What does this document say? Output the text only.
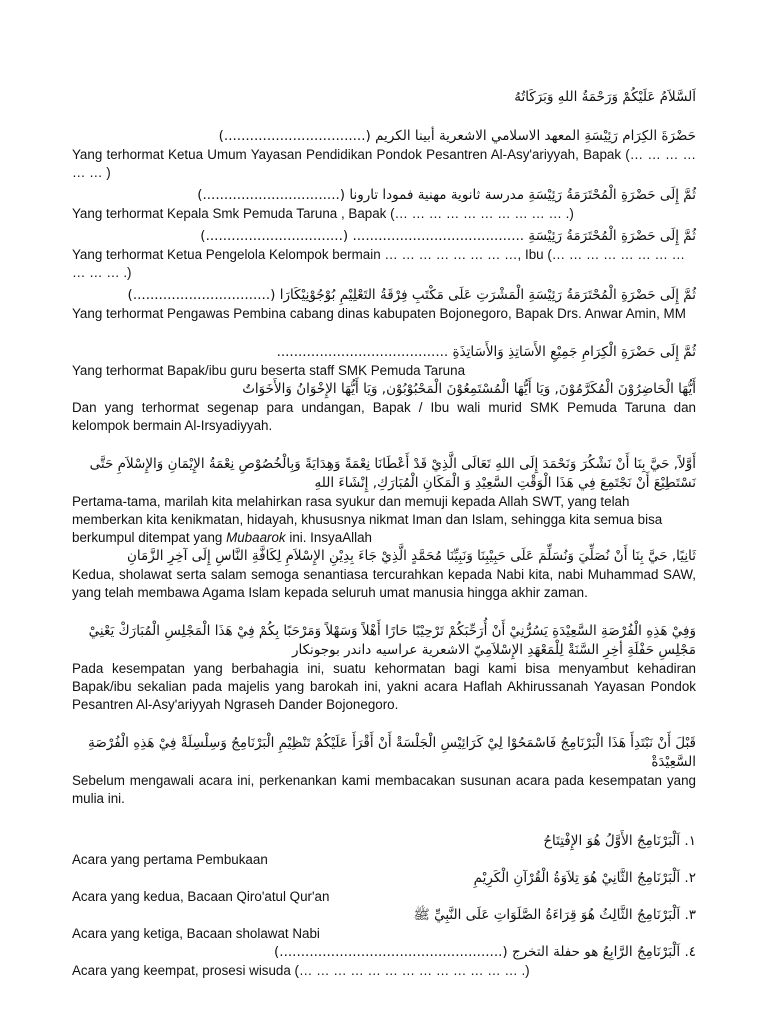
اَلسَّلاَمُ عَلَيْكُمْ وَرَحْمَةُ اللهِ وَبَرَكَاتُهُ

حَضْرَةَ الكِرَام رَئِيْسَةِ المعهد الاسلامي الاشعرية أبينا الكريم (.................................)

Yang terhormat Ketua Umum Yayasan Pendidikan Pondok Pesantren Al-Asy'ariyyah, Bapak (… … … … … … )

ثُمَّ إِلَى حَضْرَةِ الْمُحْتَرَمَةُ رَئِيْسَةِ مدرسة ثانوية مهنية فمودا تارونا (................................)

Yang terhormat Kepala Smk Pemuda Taruna , Bapak (… … … … … … … … … … .)

ثُمَّ إِلَى حَضْرَةِ الْمُحْتَرَمَةُ رَئِيْسَةِ ........................................ (................................)

Yang terhormat Ketua Pengelola Kelompok bermain … … … … … … … …, Ibu (… … … … … … … … … … … .)

ثُمَّ إِلَى حَضْرَةِ الْمُحْتَرَمَةُ رَئِيْسَةِ الْمَشْرَتِ عَلَى مَكْتَبِ فِرْقَةُ التَعْلِيْمِ بُوْجُوْنِيْكَارَا (................................)

Yang terhormat Pengawas Pembina cabang dinas kabupaten Bojonegoro, Bapak Drs. Anwar Amin, MM

ثُمَّ إِلَى حَضْرَةِ الْكِرَامِ جَمِيْعِ الأَسَاتِذِ وَالأَسَاتِذَةِ ........................................

Yang terhormat Bapak/ibu guru beserta staff SMK Pemuda Taruna

أَيُّهَا الْحَاضِرُوْنَ الْمُكَرَّمُوْنَ, وَيَا أَيُّهَا الْمُسْتَمِعُوْنَ الْمَحْبُوْبُوْن, وَيَا أَيُّهَا الإِخْوَانُ وَالأَخَوَاتُ

Dan yang terhormat segenap para undangan, Bapak / Ibu wali murid SMK Pemuda Taruna dan kelompok bermain Al-Irsyadiyyah.

أَوَّلاً, حَيَّ بِنَا أَنْ نَشْكُرَ وَنَحْمَدَ إِلَى اللهِ تَعَالَى الَّذِيْ قَدْ أَعْطَانَا نِعْمَةً وَهِدَايَةً وَبِالْخُصُوْصِ نِعْمَةُ الإِيْمَانِ وَالإِسْلاَمِ حَتَّى نَسْتَطِيْعَ أَنْ نَجْتَمِعَ فِي هَذَا الْوَقْتِ السَّعِيْدِ وَ الْمَكَانِ الْمُبَارَكِ, إِنْشَاءَ اللهِ

Pertama-tama, marilah kita melahirkan rasa syukur dan memuji kepada Allah SWT, yang telah memberkan kita kenikmatan, hidayah, khususnya nikmat Iman dan Islam, sehingga kita semua bisa berkumpul ditempat yang Mubaarok ini. InsyaAllah

ثَانِيًا, حَيَّ بِنَا أَنْ نُصَلِّيَ وَنُسَلِّمَ عَلَى حَبِيْبِنَا وَنَبِيِّنَا مُحَمَّدٍ الَّذِيْ جَاءَ بِدِيْنِ الإِسْلاَمِ لِكَافَّةِ النَّاسِ إِلَى آخِرِ الزَّمَانِ

Kedua, sholawat serta salam semoga senantiasa tercurahkan kepada Nabi kita, nabi Muhammad SAW, yang telah membawa Agama Islam kepada seluruh umat manusia hingga akhir zaman.

وَفِيْ هَذِهِ الْفُرْصَةِ السَّعِيْدَةِ يَسُرُّنِيْ أَنْ أُرَحِّبَكُمْ تَرْحِيْبًا حَارًا أَهْلاً وَسَهْلاً وَمَرْحَبًا بِكُمْ فِيْ هَذَا الْمَجْلِسِ الْمُبَارَكْ يَعْنِيْ مَجْلِسِ حَفْلَةِ أخِرِ السَّنَةْ لِلْمَعْهَدِ الإِسْلاَمِيّ الاشعرية عراسيه داندر بوجونكار

Pada kesempatan yang berbahagia ini, suatu kehormatan bagi kami bisa menyambut kehadiran Bapak/ibu sekalian pada majelis yang barokah ini, yakni acara Haflah Akhirussanah Yayasan Pondok Pesantren Al-Asy'ariyyah Ngraseh Dander Bojonegoro.

قَبْلَ أَنْ نَبْتَدِأَ هَذَا الْبَرْنَامِجُ فَاسْمَحُوْا لِيْ كَرَائِيْسِ الْجَلْسَةْ أَنْ أَقْرَأَ عَلَيْكُمْ تَنْظِيْمِ الْبَرْنَامِجُ وَسِلْسِلَةْ فِيْ هَذِهِ الْفُرْصَةِ السَّعِيْدَةْ

Sebelum mengawali acara ini, perkenankan kami membacakan susunan acara pada kesempatan yang mulia ini.

١. اَلْبَرْنَامِجُ الأَوَّلُ هُوَ الإِفْتِتَاحُ

Acara yang pertama Pembukaan

٢. اَلْبَرْنَامِجُ الثَّانِيْ هُوَ تِلاَوَةُ الْقُرْآنِ الْكَرِيْمِ

Acara yang kedua, Bacaan Qiro'atul Qur'an

٣. اَلْبَرْنَامِجُ الثَّالِثُ هُوَ قِرَاءَةُ الصَّلَوَاتِ عَلَى النَّبِيِّ ﷺ

Acara yang ketiga, Bacaan sholawat Nabi

٤. اَلْبَرْنَامِجُ الرَّابِعُ هو حفلة التخرج (....................................................)

Acara yang keempat, prosesi wisuda (… … … … … … … … … … … … … .)
